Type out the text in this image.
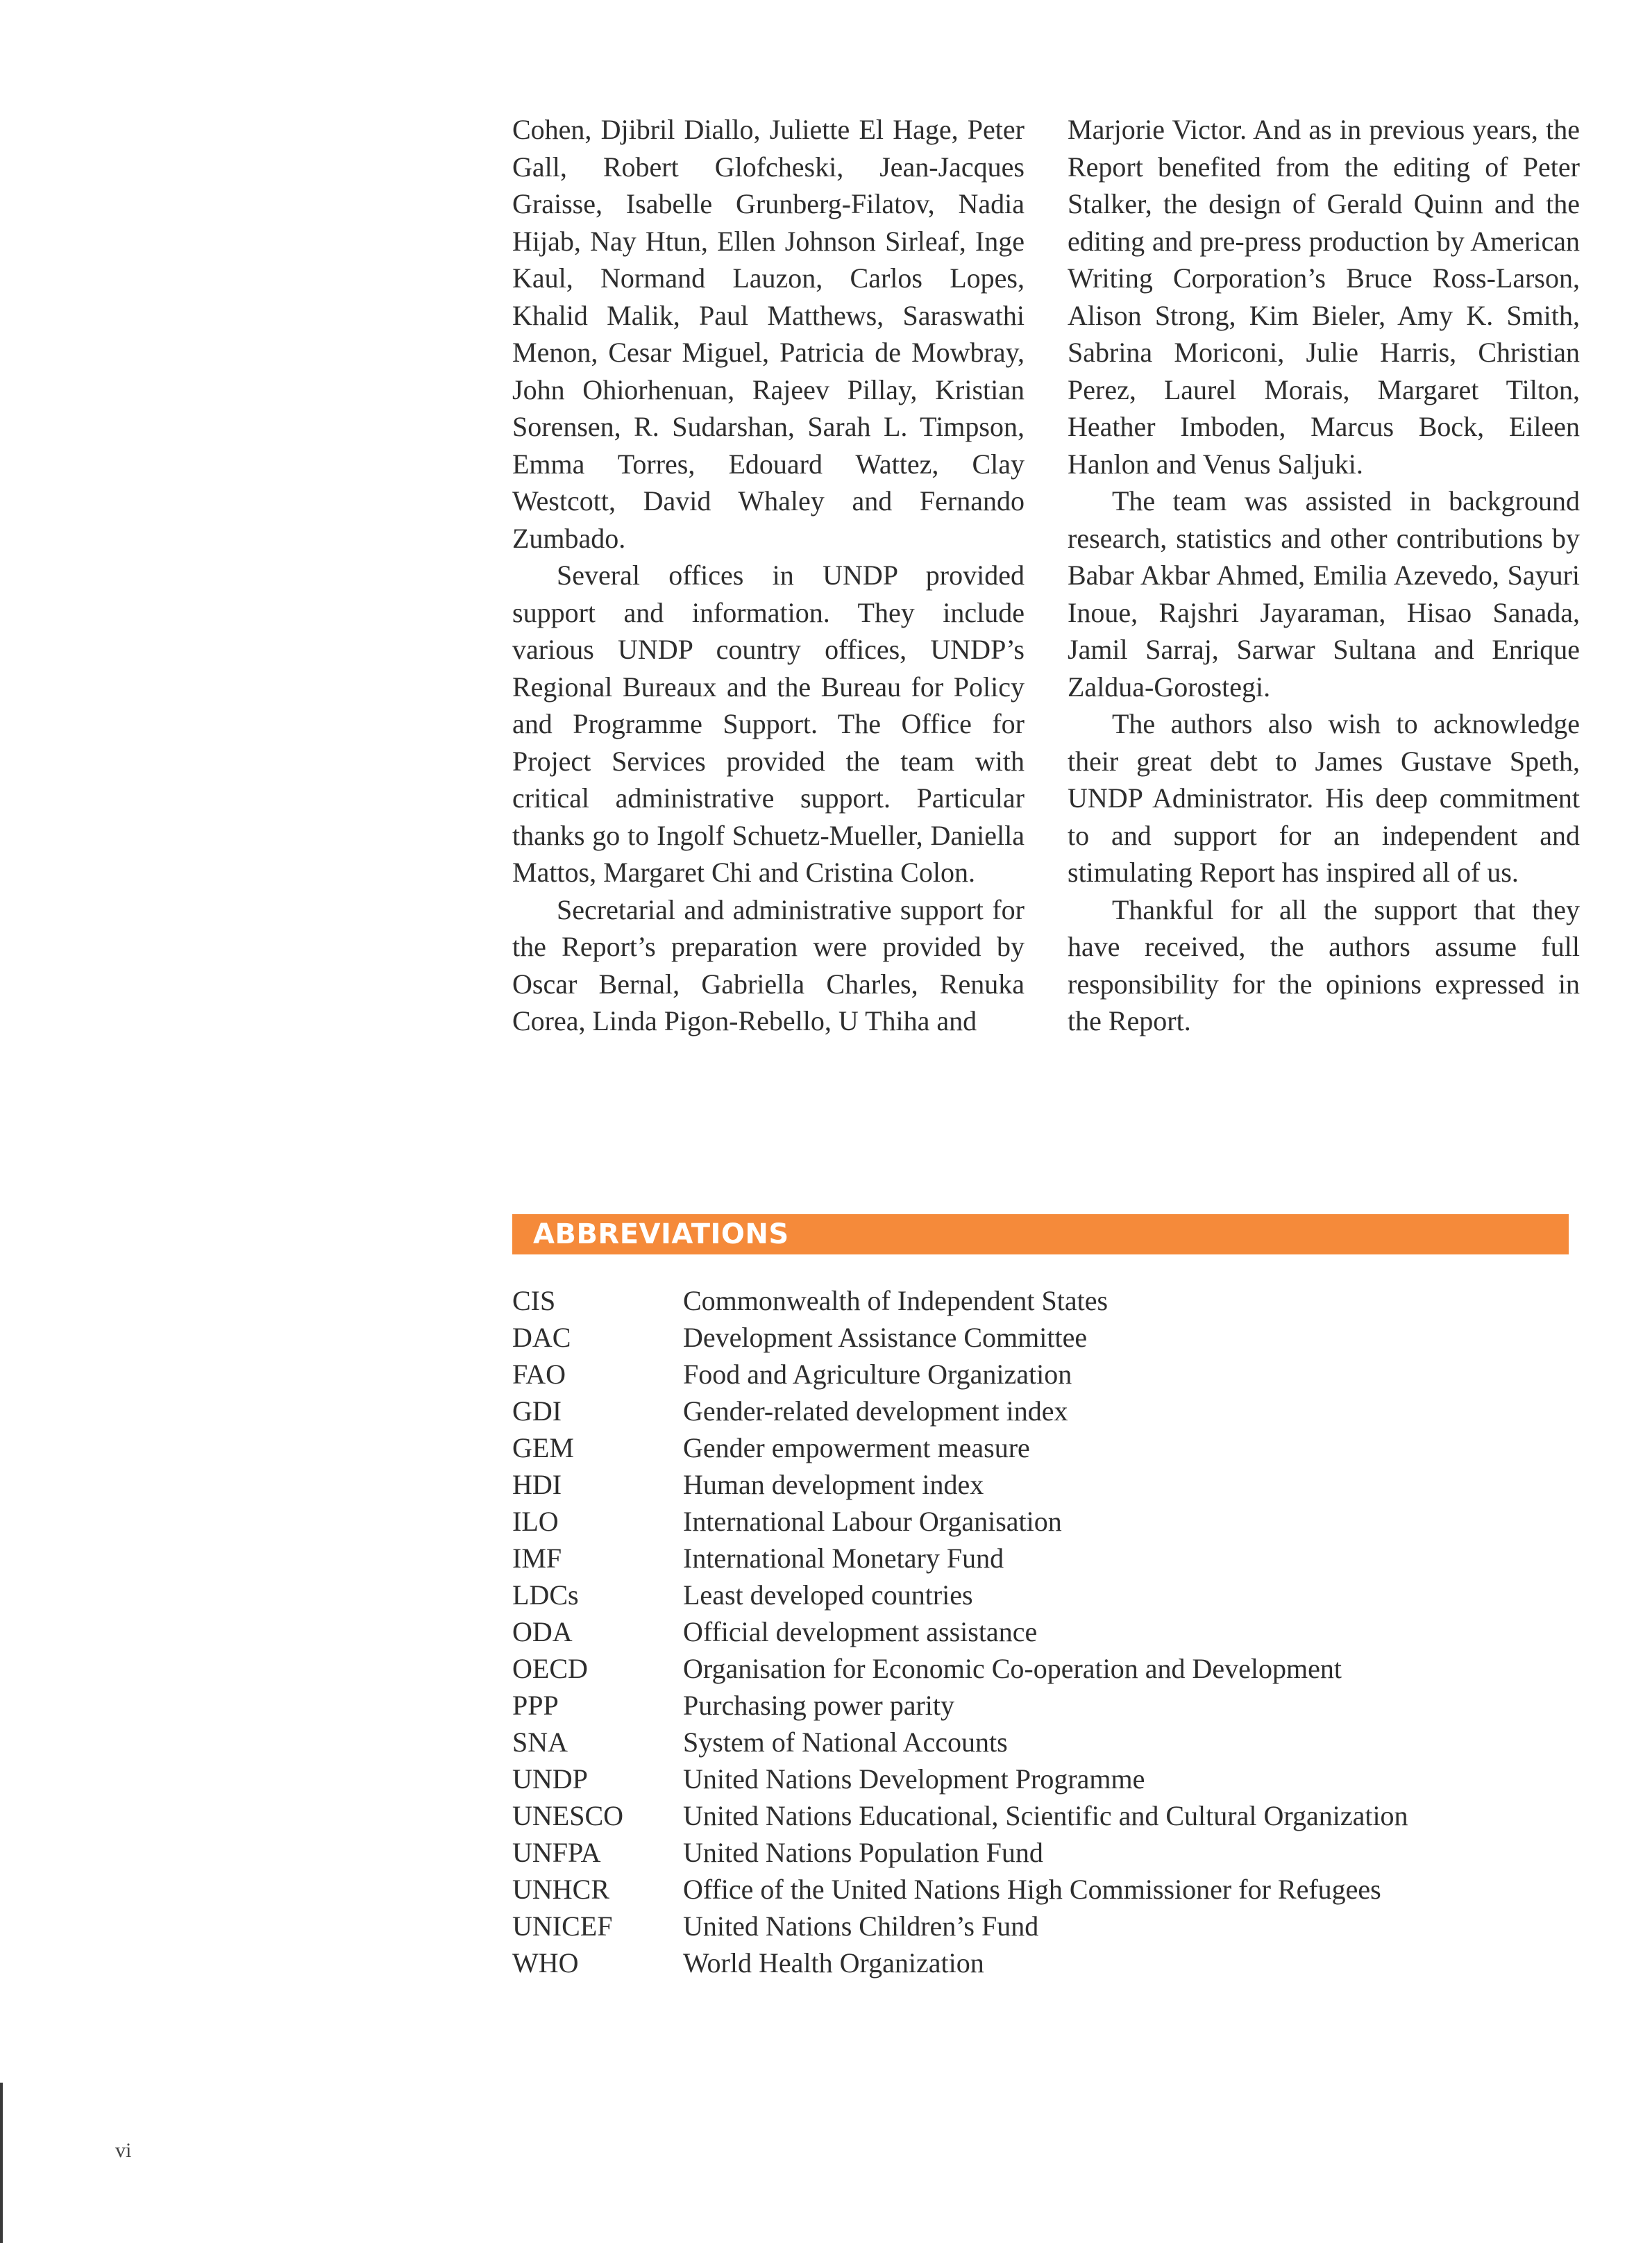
Cohen, Djibril Diallo, Juliette El Hage, Peter Gall, Robert Glofcheski, Jean-Jacques Graisse, Isabelle Grunberg-Filatov, Nadia Hijab, Nay Htun, Ellen Johnson Sirleaf, Inge Kaul, Normand Lauzon, Carlos Lopes, Khalid Malik, Paul Matthews, Saraswathi Menon, Cesar Miguel, Patricia de Mowbray, John Ohiorhenuan, Rajeev Pillay, Kristian Sorensen, R. Sudarshan, Sarah L. Timpson, Emma Torres, Edouard Wattez, Clay Westcott, David Whaley and Fernando Zumbado.

Several offices in UNDP provided support and information. They include various UNDP country offices, UNDP’s Regional Bureaux and the Bureau for Policy and Programme Support. The Office for Project Services provided the team with critical administrative support. Particular thanks go to Ingolf Schuetz-Mueller, Daniella Mattos, Margaret Chi and Cristina Colon.

Secretarial and administrative support for the Report’s preparation were provided by Oscar Bernal, Gabriella Charles, Renuka Corea, Linda Pigon-Rebello, U Thiha and

Marjorie Victor. And as in previous years, the Report benefited from the editing of Peter Stalker, the design of Gerald Quinn and the editing and pre-press production by American Writing Corporation’s Bruce Ross-Larson, Alison Strong, Kim Bieler, Amy K. Smith, Sabrina Moriconi, Julie Harris, Christian Perez, Laurel Morais, Margaret Tilton, Heather Imboden, Marcus Bock, Eileen Hanlon and Venus Saljuki.

The team was assisted in background research, statistics and other contributions by Babar Akbar Ahmed, Emilia Azevedo, Sayuri Inoue, Rajshri Jayaraman, Hisao Sanada, Jamil Sarraj, Sarwar Sultana and Enrique Zaldua-Gorostegi.

The authors also wish to acknowledge their great debt to James Gustave Speth, UNDP Administrator. His deep commitment to and support for an independent and stimulating Report has inspired all of us.

Thankful for all the support that they have received, the authors assume full responsibility for the opinions expressed in the Report.

ABBREVIATIONS
CIS	Commonwealth of Independent States
DAC	Development Assistance Committee
FAO	Food and Agriculture Organization
GDI	Gender-related development index
GEM	Gender empowerment measure
HDI	Human development index
ILO	International Labour Organisation
IMF	International Monetary Fund
LDCs	Least developed countries
ODA	Official development assistance
OECD	Organisation for Economic Co-operation and Development
PPP	Purchasing power parity
SNA	System of National Accounts
UNDP	United Nations Development Programme
UNESCO	United Nations Educational, Scientific and Cultural Organization
UNFPA	United Nations Population Fund
UNHCR	Office of the United Nations High Commissioner for Refugees
UNICEF	United Nations Children’s Fund
WHO	World Health Organization
vi
